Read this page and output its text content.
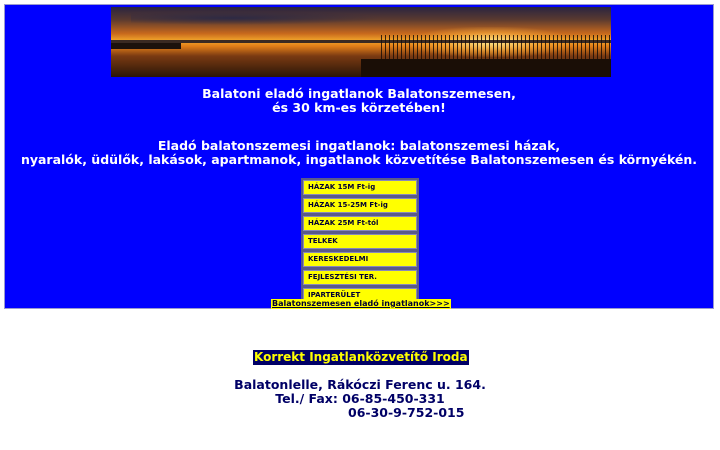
Balatoni eladó ingatlanok Balatonszemesen,
és 30 km-es körzetében!
Eladó balatonszemesi ingatlanok: balatonszemesi házak,
nyaralók, üdülők, lakások, apartmanok, ingatlanok közvetítése Balatonszemesen és környékén.
HÁZAK 15M Ft-ig
HÁZAK 15-25M Ft-ig
HÁZAK 25M Ft-tól
TELKEK
KERESKEDELMI
FEJLESZTÉSI TER.
IPARTERÜLET
Balatonszemesen eladó ingatlanok>>>
Korrekt Ingatlanközvetítő Iroda
Balatonlelle, Rákóczi Ferenc u. 164.
Tel./ Fax: 06-85-450-331
06-30-9-752-015
